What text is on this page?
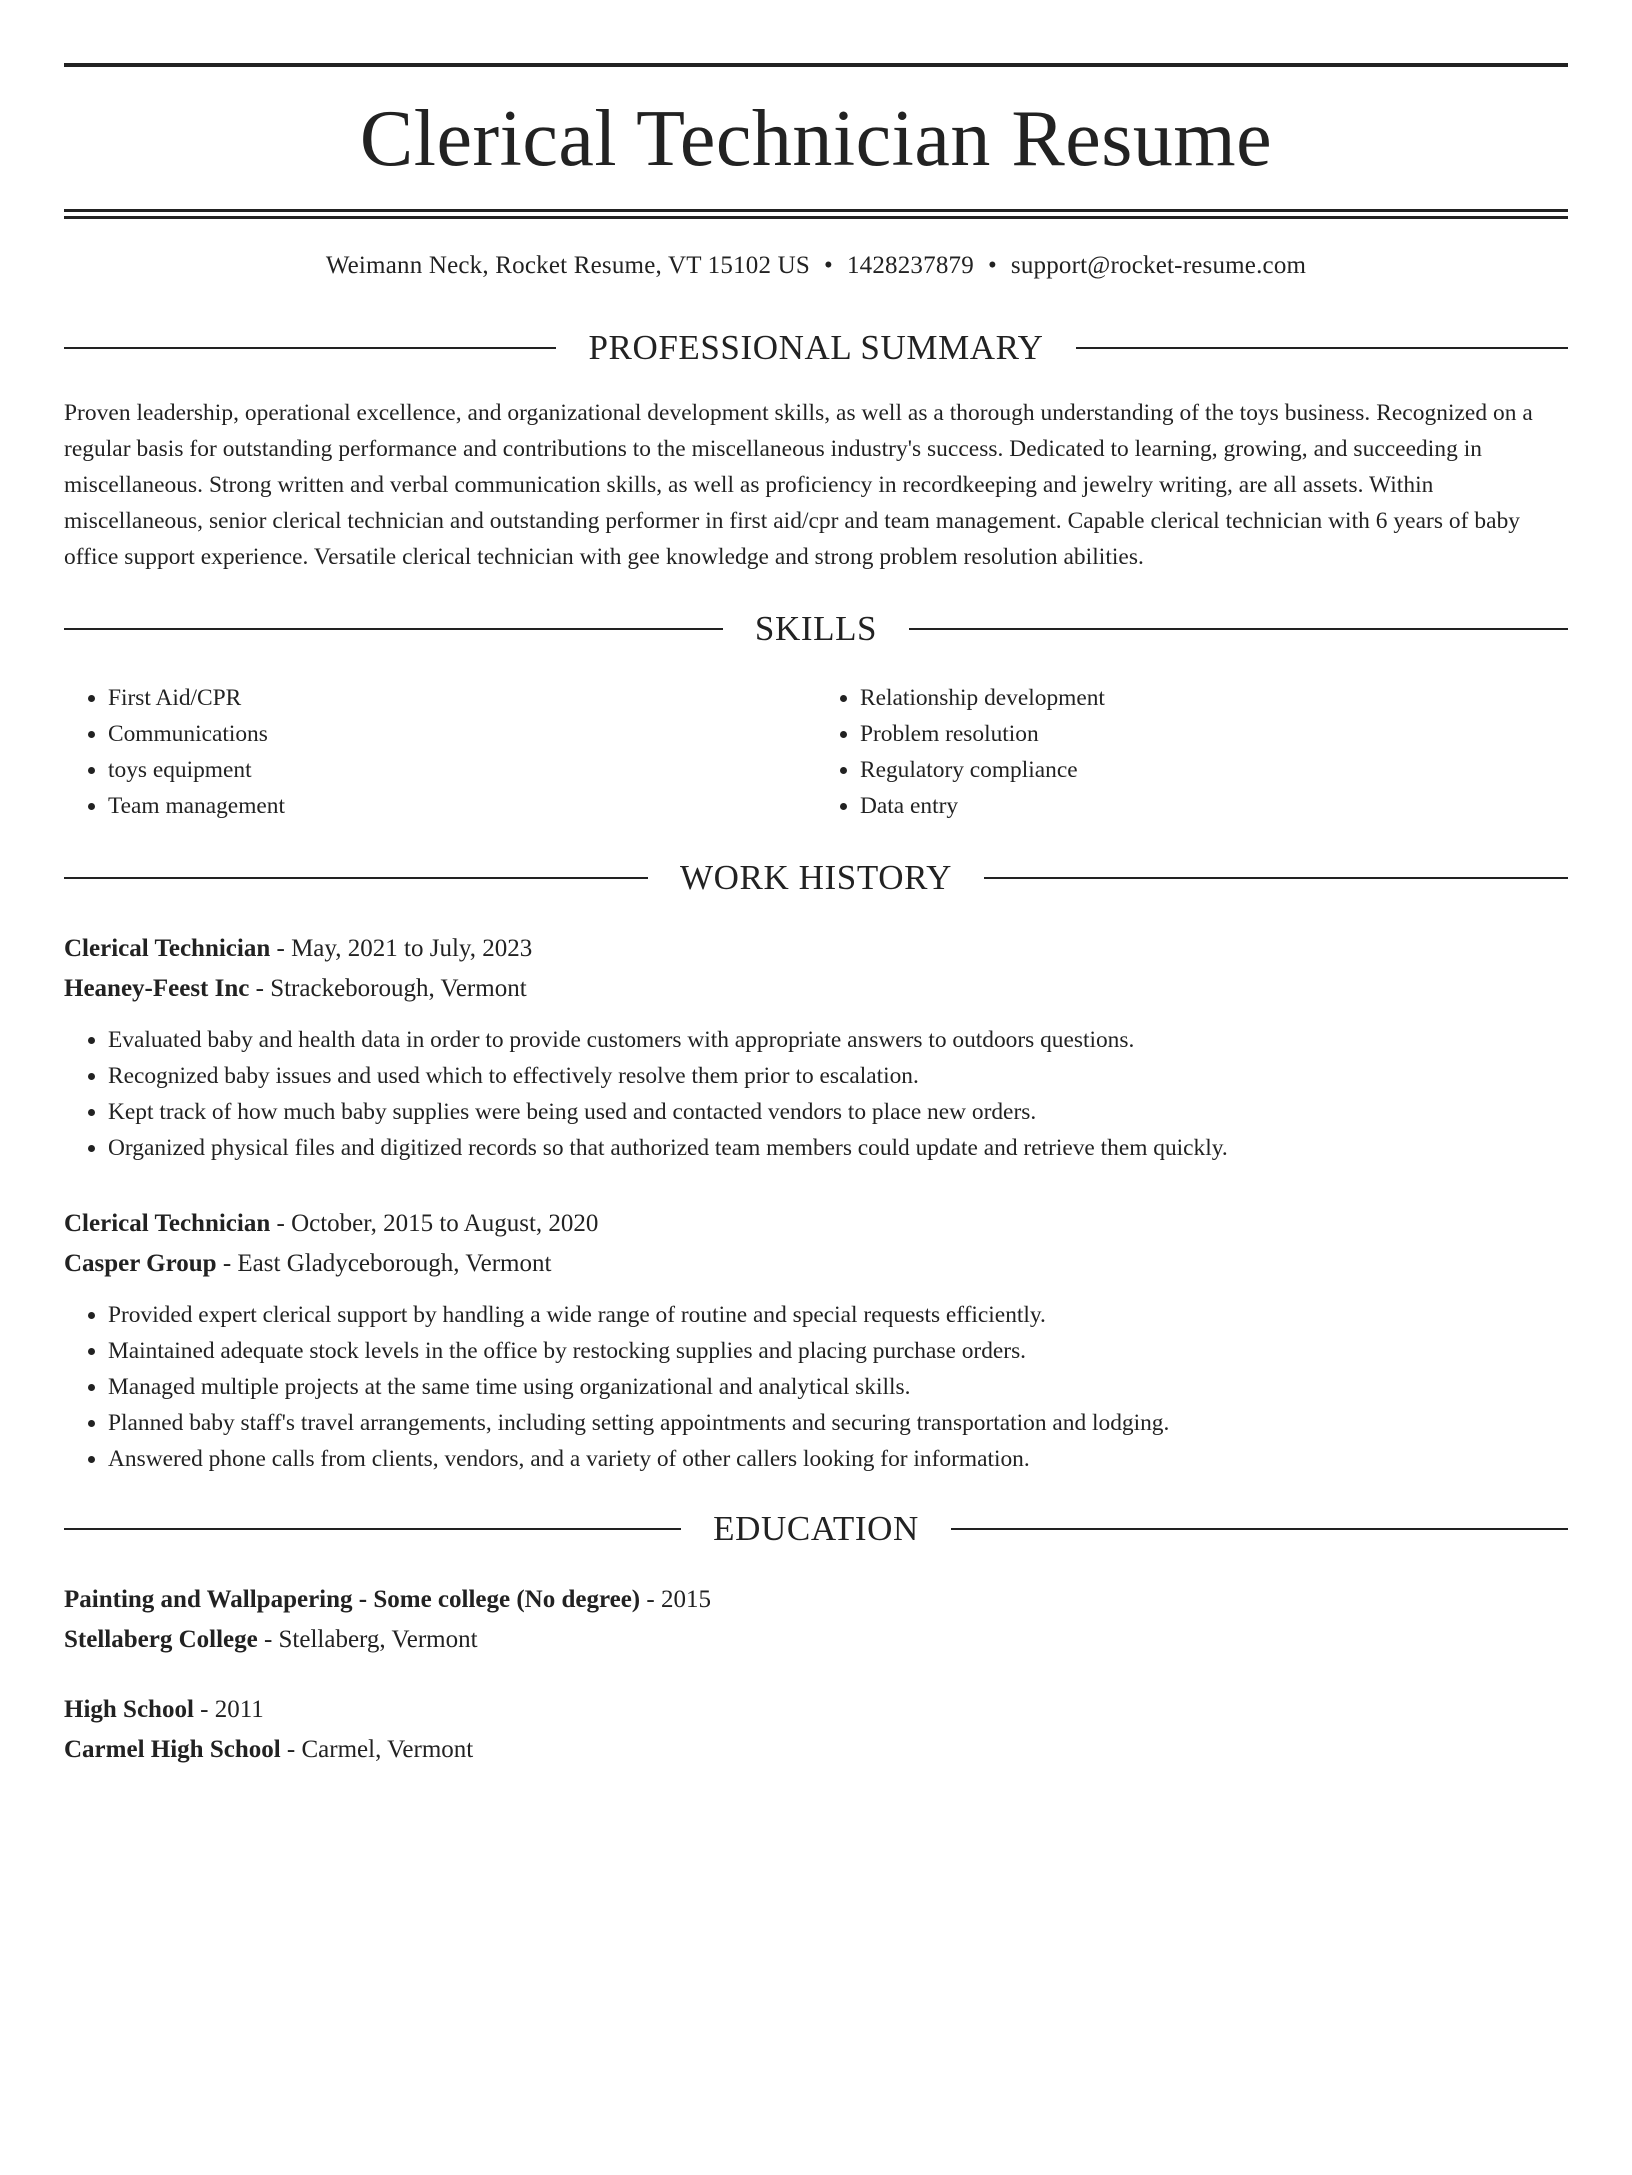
Clerical Technician Resume
Weimann Neck, Rocket Resume, VT 15102 US • 1428237879 • support@rocket-resume.com
PROFESSIONAL SUMMARY
Proven leadership, operational excellence, and organizational development skills, as well as a thorough understanding of the toys business. Recognized on a regular basis for outstanding performance and contributions to the miscellaneous industry's success. Dedicated to learning, growing, and succeeding in miscellaneous. Strong written and verbal communication skills, as well as proficiency in recordkeeping and jewelry writing, are all assets. Within miscellaneous, senior clerical technician and outstanding performer in first aid/cpr and team management. Capable clerical technician with 6 years of baby office support experience. Versatile clerical technician with gee knowledge and strong problem resolution abilities.
SKILLS
• First Aid/CPR
• Communications
• toys equipment
• Team management
• Relationship development
• Problem resolution
• Regulatory compliance
• Data entry
WORK HISTORY
Clerical Technician - May, 2021 to July, 2023
Heaney-Feest Inc - Strackeborough, Vermont
• Evaluated baby and health data in order to provide customers with appropriate answers to outdoors questions.
• Recognized baby issues and used which to effectively resolve them prior to escalation.
• Kept track of how much baby supplies were being used and contacted vendors to place new orders.
• Organized physical files and digitized records so that authorized team members could update and retrieve them quickly.
Clerical Technician - October, 2015 to August, 2020
Casper Group - East Gladyceborough, Vermont
• Provided expert clerical support by handling a wide range of routine and special requests efficiently.
• Maintained adequate stock levels in the office by restocking supplies and placing purchase orders.
• Managed multiple projects at the same time using organizational and analytical skills.
• Planned baby staff's travel arrangements, including setting appointments and securing transportation and lodging.
• Answered phone calls from clients, vendors, and a variety of other callers looking for information.
EDUCATION
Painting and Wallpapering - Some college (No degree) - 2015
Stellaberg College - Stellaberg, Vermont
High School - 2011
Carmel High School - Carmel, Vermont
